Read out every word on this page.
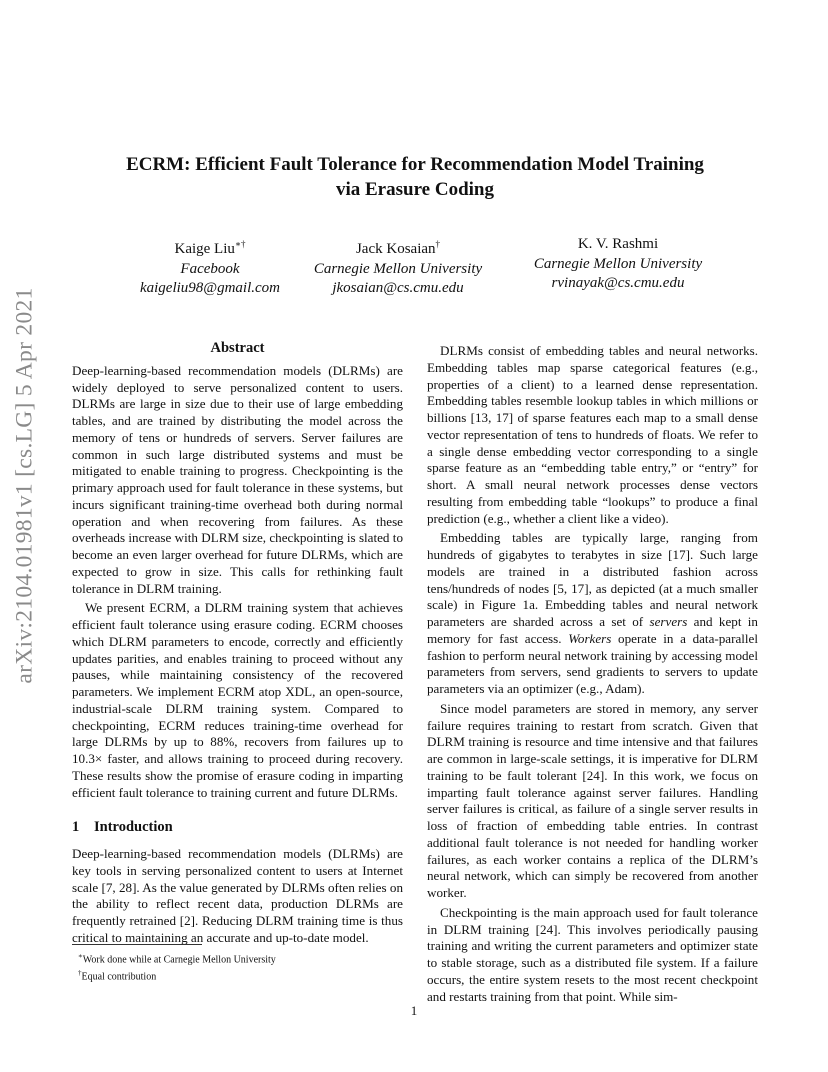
arXiv:2104.01981v1 [cs.LG] 5 Apr 2021
ECRM: Efficient Fault Tolerance for Recommendation Model Training
via Erasure Coding
Kaige Liu∗†
Facebook
kaigeliu98@gmail.com
Jack Kosaian†
Carnegie Mellon University
jkosaian@cs.cmu.edu
K. V. Rashmi
Carnegie Mellon University
rvinayak@cs.cmu.edu
Abstract

Deep-learning-based recommendation models (DLRMs) are widely deployed to serve personalized content to users. DLRMs are large in size due to their use of large embedding tables, and are trained by distributing the model across the memory of tens or hundreds of servers. Server failures are common in such large distributed systems and must be mitigated to enable training to progress. Checkpointing is the primary approach used for fault tolerance in these systems, but incurs significant training-time overhead both during normal operation and when recovering from failures. As these overheads increase with DLRM size, checkpointing is slated to become an even larger overhead for future DLRMs, which are expected to grow in size. This calls for rethinking fault tolerance in DLRM training.

We present ECRM, a DLRM training system that achieves efficient fault tolerance using erasure coding. ECRM chooses which DLRM parameters to encode, correctly and efficiently updates parities, and enables training to proceed without any pauses, while maintaining consistency of the recovered parameters. We implement ECRM atop XDL, an open-source, industrial-scale DLRM training system. Compared to checkpointing, ECRM reduces training-time overhead for large DLRMs by up to 88%, recovers from failures up to 10.3× faster, and allows training to proceed during recovery. These results show the promise of erasure coding in imparting efficient fault tolerance to training current and future DLRMs.

1 Introduction

Deep-learning-based recommendation models (DLRMs) are key tools in serving personalized content to users at Internet scale [7, 28]. As the value generated by DLRMs often relies on the ability to reflect recent data, production DLRMs are frequently retrained [2]. Reducing DLRM training time is thus critical to maintaining an accurate and up-to-date model.

DLRMs consist of embedding tables and neural networks. Embedding tables map sparse categorical features (e.g., properties of a client) to a learned dense representation. Embedding tables resemble lookup tables in which millions or billions [13, 17] of sparse features each map to a small dense vector representation of tens to hundreds of floats. We refer to a single dense embedding vector corresponding to a single sparse feature as an “embedding table entry,” or “entry” for short. A small neural network processes dense vectors resulting from embedding table “lookups” to produce a final prediction (e.g., whether a client like a video).

Embedding tables are typically large, ranging from hundreds of gigabytes to terabytes in size [17]. Such large models are trained in a distributed fashion across tens/hundreds of nodes [5, 17], as depicted (at a much smaller scale) in Figure 1a. Embedding tables and neural network parameters are sharded across a set of servers and kept in memory for fast access. Workers operate in a data-parallel fashion to perform neural network training by accessing model parameters from servers, send gradients to servers to update parameters via an optimizer (e.g., Adam).

Since model parameters are stored in memory, any server failure requires training to restart from scratch. Given that DLRM training is resource and time intensive and that failures are common in large-scale settings, it is imperative for DLRM training to be fault tolerant [24]. In this work, we focus on imparting fault tolerance against server failures. Handling server failures is critical, as failure of a single server results in loss of fraction of embedding table entries. In contrast additional fault tolerance is not needed for handling worker failures, as each worker contains a replica of the DLRM’s neural network, which can simply be recovered from another worker.

Checkpointing is the main approach used for fault tolerance in DLRM training [24]. This involves periodically pausing training and writing the current parameters and optimizer state to stable storage, such as a distributed file system. If a failure occurs, the entire system resets to the most recent checkpoint and restarts training from that point. While sim-

∗Work done while at Carnegie Mellon University
†Equal contribution
1
